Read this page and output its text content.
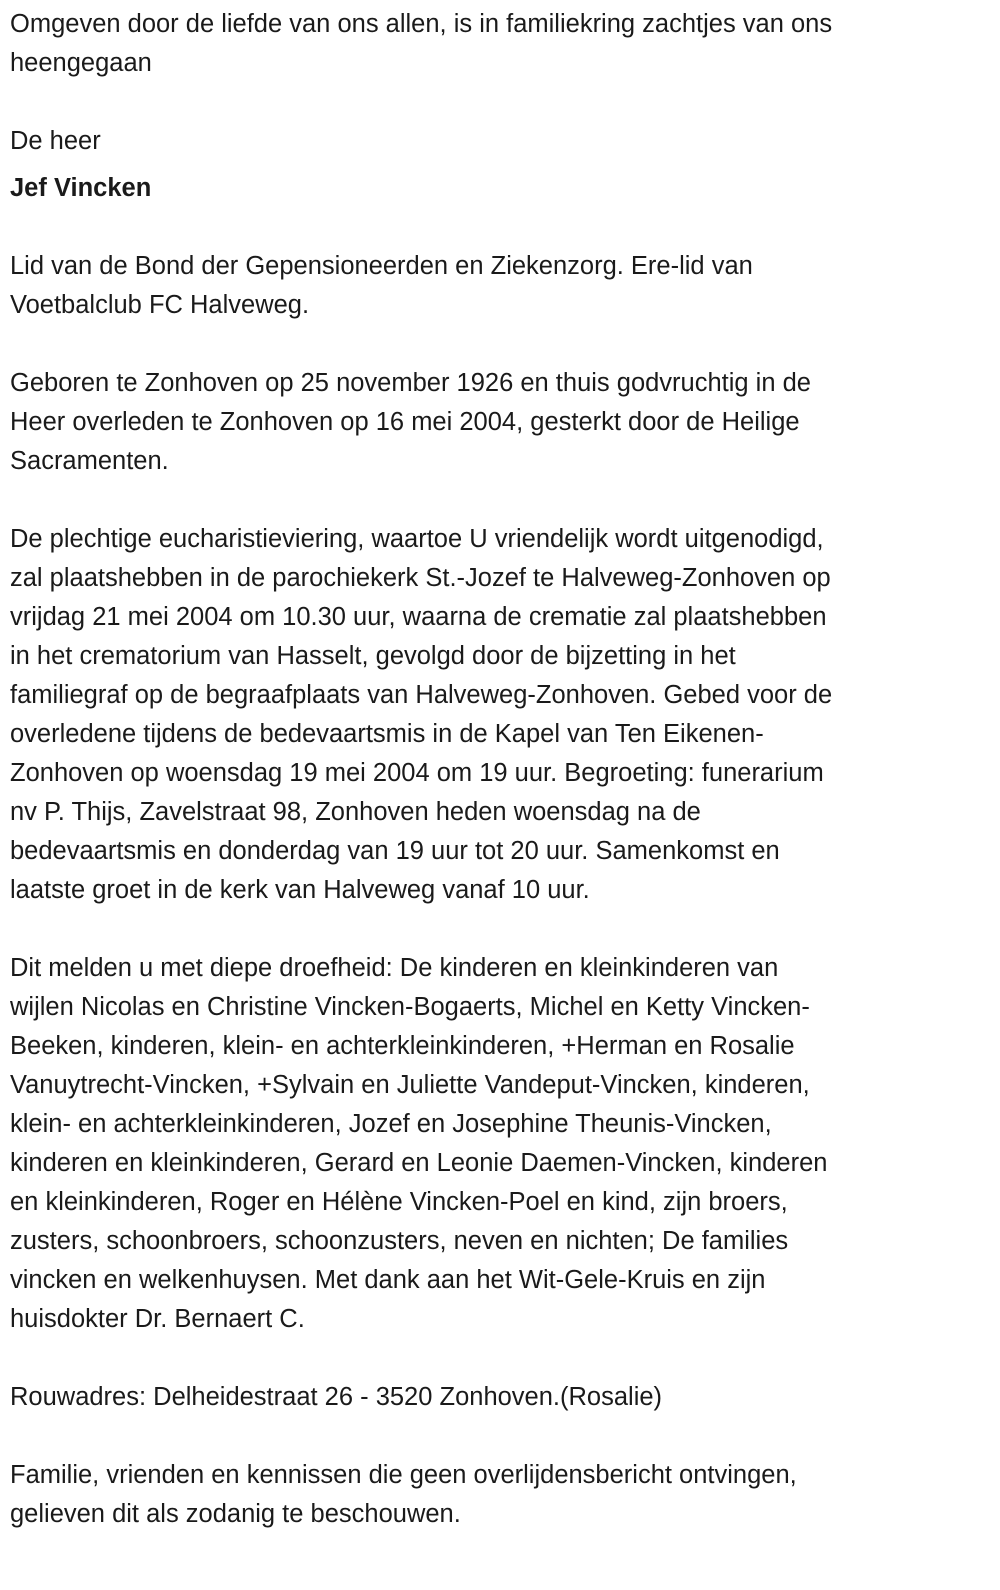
Omgeven door de liefde van ons allen, is in familiekring zachtjes van ons
heengegaan
De heer
Jef Vincken
Lid van de Bond der Gepensioneerden en Ziekenzorg. Ere-lid van
Voetbalclub FC Halveweg.
Geboren te Zonhoven op 25 november 1926 en thuis godvruchtig in de
Heer overleden te Zonhoven op 16 mei 2004, gesterkt door de Heilige
Sacramenten.
De plechtige eucharistieviering, waartoe U vriendelijk wordt uitgenodigd,
zal plaatshebben in de parochiekerk St.-Jozef te Halveweg-Zonhoven op
vrijdag 21 mei 2004 om 10.30 uur, waarna de crematie zal plaatshebben
in het crematorium van Hasselt, gevolgd door de bijzetting in het
familiegraf op de begraafplaats van Halveweg-Zonhoven. Gebed voor de
overledene tijdens de bedevaartsmis in de Kapel van Ten Eikenen-
Zonhoven op woensdag 19 mei 2004 om 19 uur. Begroeting: funerarium
nv P. Thijs, Zavelstraat 98, Zonhoven heden woensdag na de
bedevaartsmis en donderdag van 19 uur tot 20 uur. Samenkomst en
laatste groet in de kerk van Halveweg vanaf 10 uur.
Dit melden u met diepe droefheid: De kinderen en kleinkinderen van
wijlen Nicolas en Christine Vincken-Bogaerts, Michel en Ketty Vincken-
Beeken, kinderen, klein- en achterkleinkinderen, +Herman en Rosalie
Vanuytrecht-Vincken, +Sylvain en Juliette Vandeput-Vincken, kinderen,
klein- en achterkleinkinderen, Jozef en Josephine Theunis-Vincken,
kinderen en kleinkinderen, Gerard en Leonie Daemen-Vincken, kinderen
en kleinkinderen, Roger en Hélène Vincken-Poel en kind, zijn broers,
zusters, schoonbroers, schoonzusters, neven en nichten; De families
vincken en welkenhuysen. Met dank aan het Wit-Gele-Kruis en zijn
huisdokter Dr. Bernaert C.
Rouwadres: Delheidestraat 26 - 3520 Zonhoven.(Rosalie)
Familie, vrienden en kennissen die geen overlijdensbericht ontvingen,
gelieven dit als zodanig te beschouwen.
